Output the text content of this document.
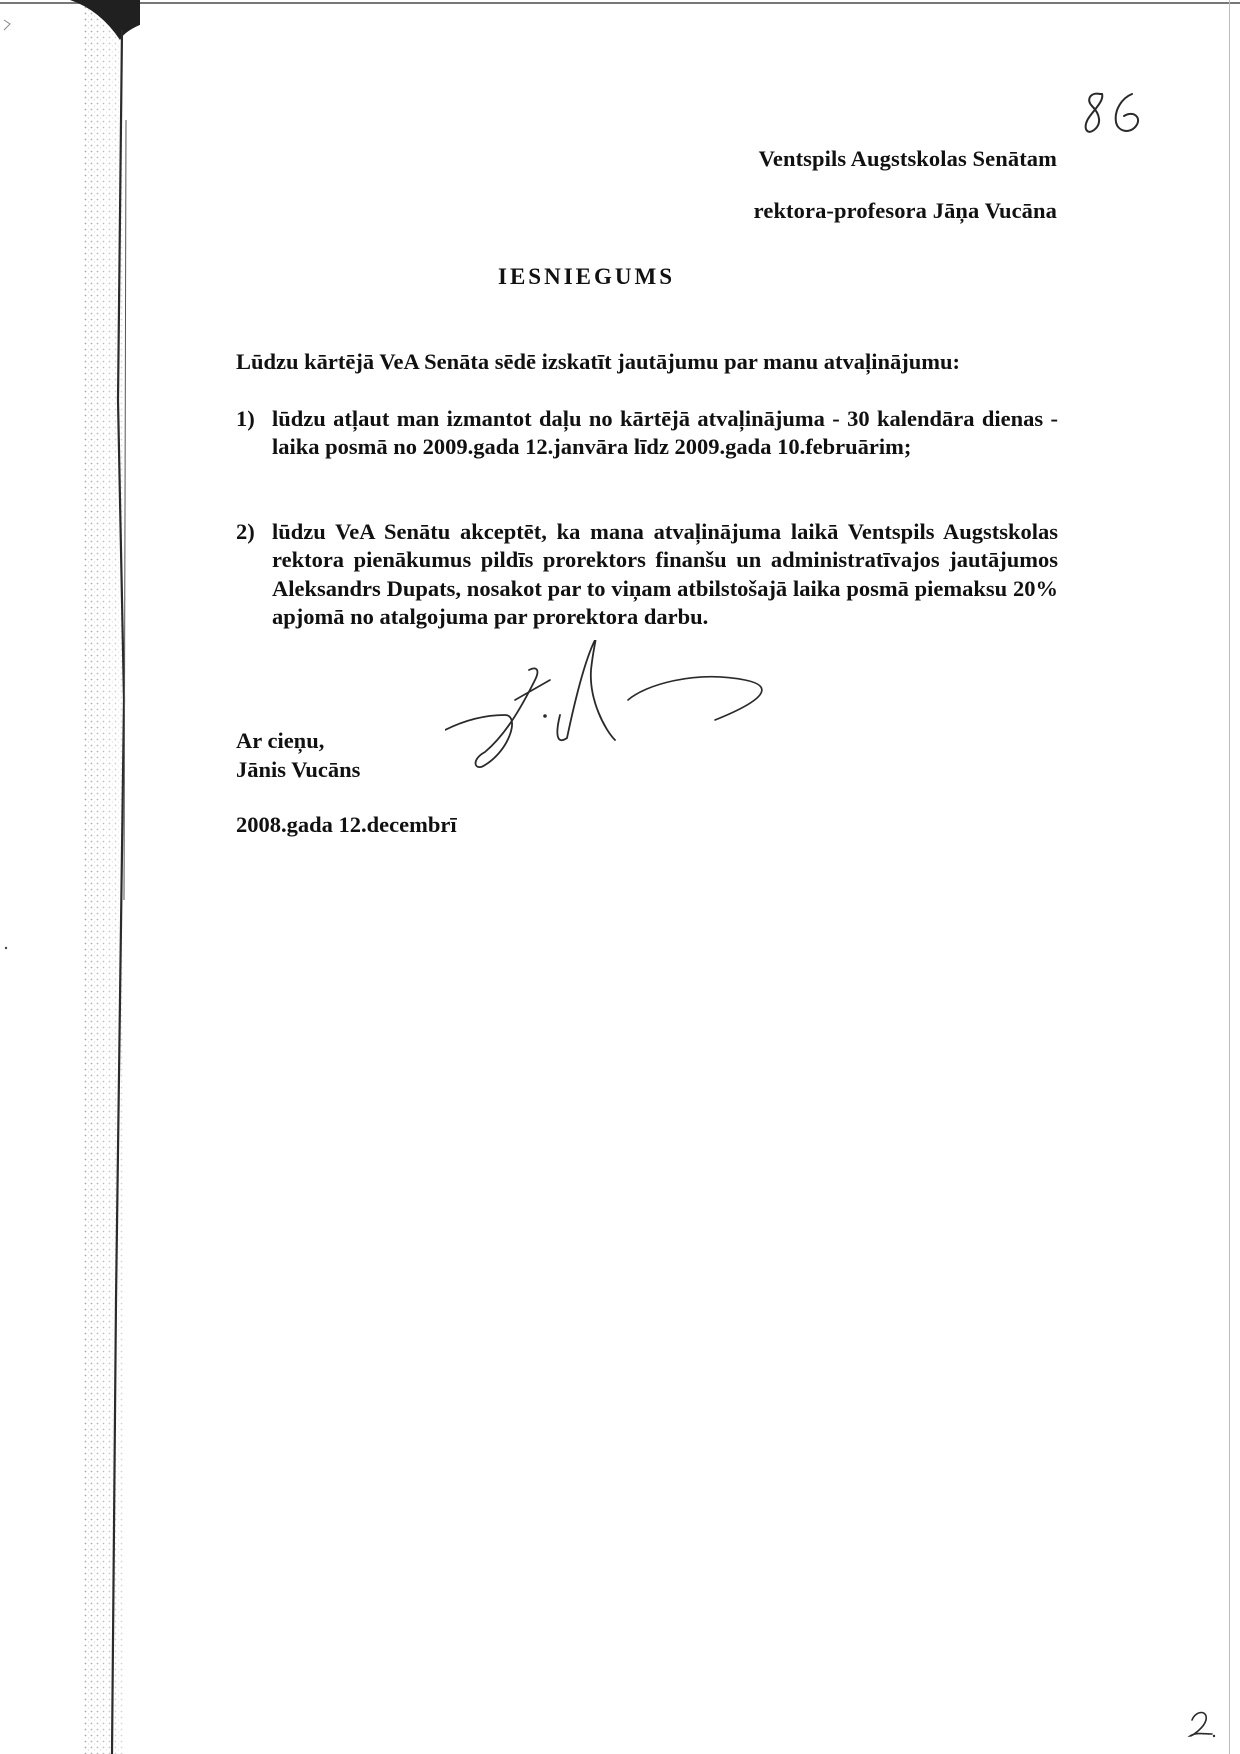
Ventspils Augstskolas Senātam
rektora-profesora Jāņa Vucāna
IESNIEGUMS
Lūdzu kārtējā VeA Senāta sēdē izskatīt jautājumu par manu atvaļinājumu:
1) lūdzu atļaut man izmantot daļu no kārtējā atvaļinājuma - 30 kalendāra dienas - laika posmā no 2009.gada 12.janvāra līdz 2009.gada 10.februārim;
2) lūdzu VeA Senātu akceptēt, ka mana atvaļinājuma laikā Ventspils Augstskolas rektora pienākumus pildīs prorektors finanšu un administratīvajos jautājumos Aleksandrs Dupats, nosakot par to viņam atbilstošajā laika posmā piemaksu 20% apjomā no atalgojuma par prorektora darbu.
Ar cieņu,
Jānis Vucāns
2008.gada 12.decembrī
